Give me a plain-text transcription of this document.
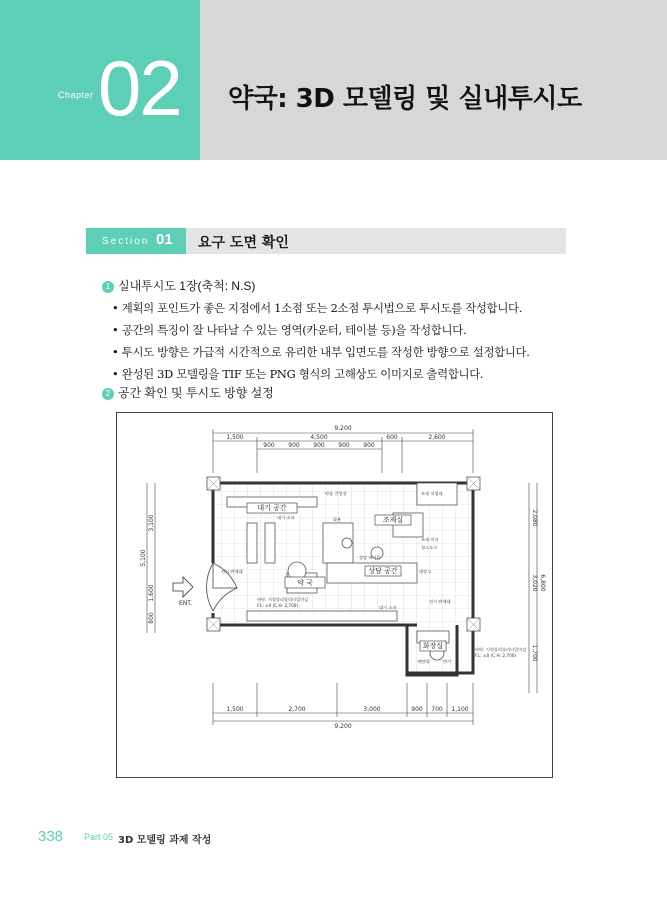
Chapter 02 약국: 3D 모델링 및 실내투시도
Section 01 요구 도면 확인
1 실내투시도 1장(축척: N.S)
• 계획의 포인트가 좋은 지점에서 1소점 또는 2소점 투시법으로 투시도를 작성합니다.
• 공간의 특징이 잘 나타날 수 있는 영역(카운터, 테이블 등)을 작성합니다.
• 투시도 방향은 가급적 시간적으로 유리한 내부 입면도를 작성한 방향으로 설정합니다.
• 완성된 3D 모델링을 TIF 또는 PNG 형식의 고해상도 이미지로 출력합니다.
2 공간 확인 및 투시도 방향 설정
9,200
1,500	4,500	600	2,600
900 900 900 900 900
1,500	2,700	3,000	900 700 1,100
9,200
5,100
3,100
1,600
800
6,800
2,080
3,020
1,700
대기 공간
조제실
약 국
상담 공간
화장실
ENT.
바닥: 지정폴리폴리타일마감
F.L: ±0 (C.H: 2,700)
바닥: 지정폴리폴리타일마감
F.L: ±0 (C.H: 2,700)
전시 판매대
전시 판매대
대기 소파
대기 소파	화분
약품 진열장
냉장고
조제 작업대
조제 의자
청소도구
세면대	변기
상담 테이블
338 Part 05 3D 모델링 과제 작성
